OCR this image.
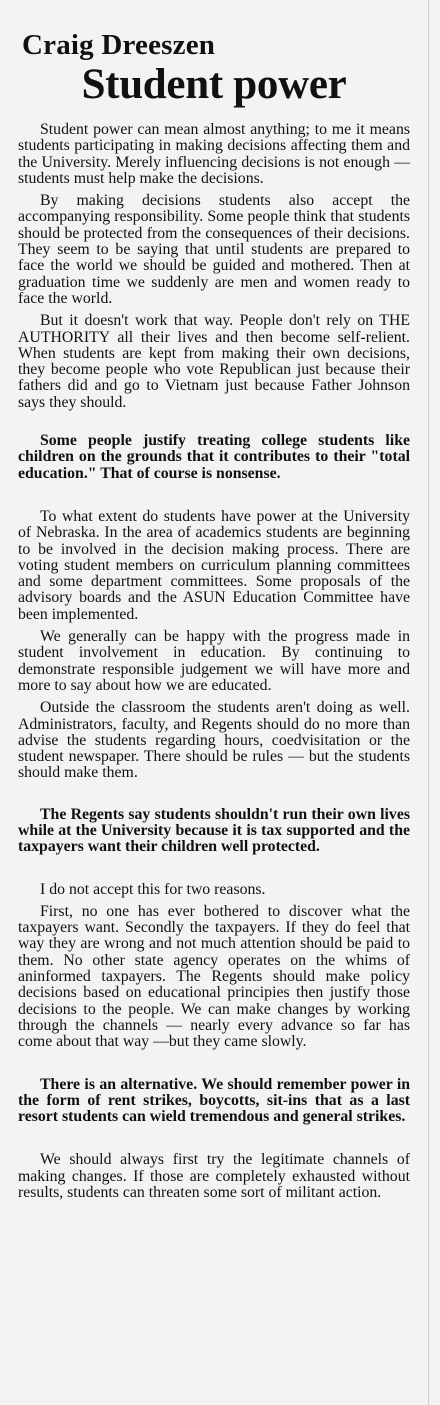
Craig Dreeszen
Student power

Student power can mean almost anything; to me it means students participating in making decisions affecting them and the University. Merely influencing decisions is not enough — students must help make the decisions.

By making decisions students also accept the accompanying responsibility. Some people think that students should be protected from the consequences of their decisions. They seem to be saying that until students are prepared to face the world we should be guided and mothered. Then at graduation time we suddenly are men and women ready to face the world.

But it doesn't work that way. People don't rely on THE AUTHORITY all their lives and then become self-relient. When students are kept from making their own decisions, they become people who vote Republican just because their fathers did and go to Vietnam just because Father Johnson says they should.

Some people justify treating college students like children on the grounds that it contributes to their "total education." That of course is nonsense.

To what extent do students have power at the University of Nebraska. In the area of academics students are beginning to be involved in the decision making process. There are voting student members on curriculum planning committees and some department committees. Some proposals of the advisory boards and the ASUN Education Committee have been implemented.

We generally can be happy with the progress made in student involvement in education. By continuing to demonstrate responsible judgement we will have more and more to say about how we are educated.

Outside the classroom the students aren't doing as well. Administrators, faculty, and Regents should do no more than advise the students regarding hours, coedvisitation or the student newspaper. There should be rules — but the students should make them.

The Regents say students shouldn't run their own lives while at the University because it is tax supported and the taxpayers want their children well protected.

I do not accept this for two reasons.

First, no one has ever bothered to discover what the taxpayers want. Secondly the taxpayers. If they do feel that way they are wrong and not much attention should be paid to them. No other state agency operates on the whims of aninformed taxpayers. The Regents should make policy decisions based on educational principies then justify those decisions to the people. We can make changes by working through the channels — nearly every advance so far has come about that way —but they came slowly.

There is an alternative. We should remember power in the form of rent strikes, boycotts, sit-ins that as a last resort students can wield tremendous and general strikes.

We should always first try the legitimate channels of making changes. If those are completely exhausted without results, students can threaten some sort of militant action.
